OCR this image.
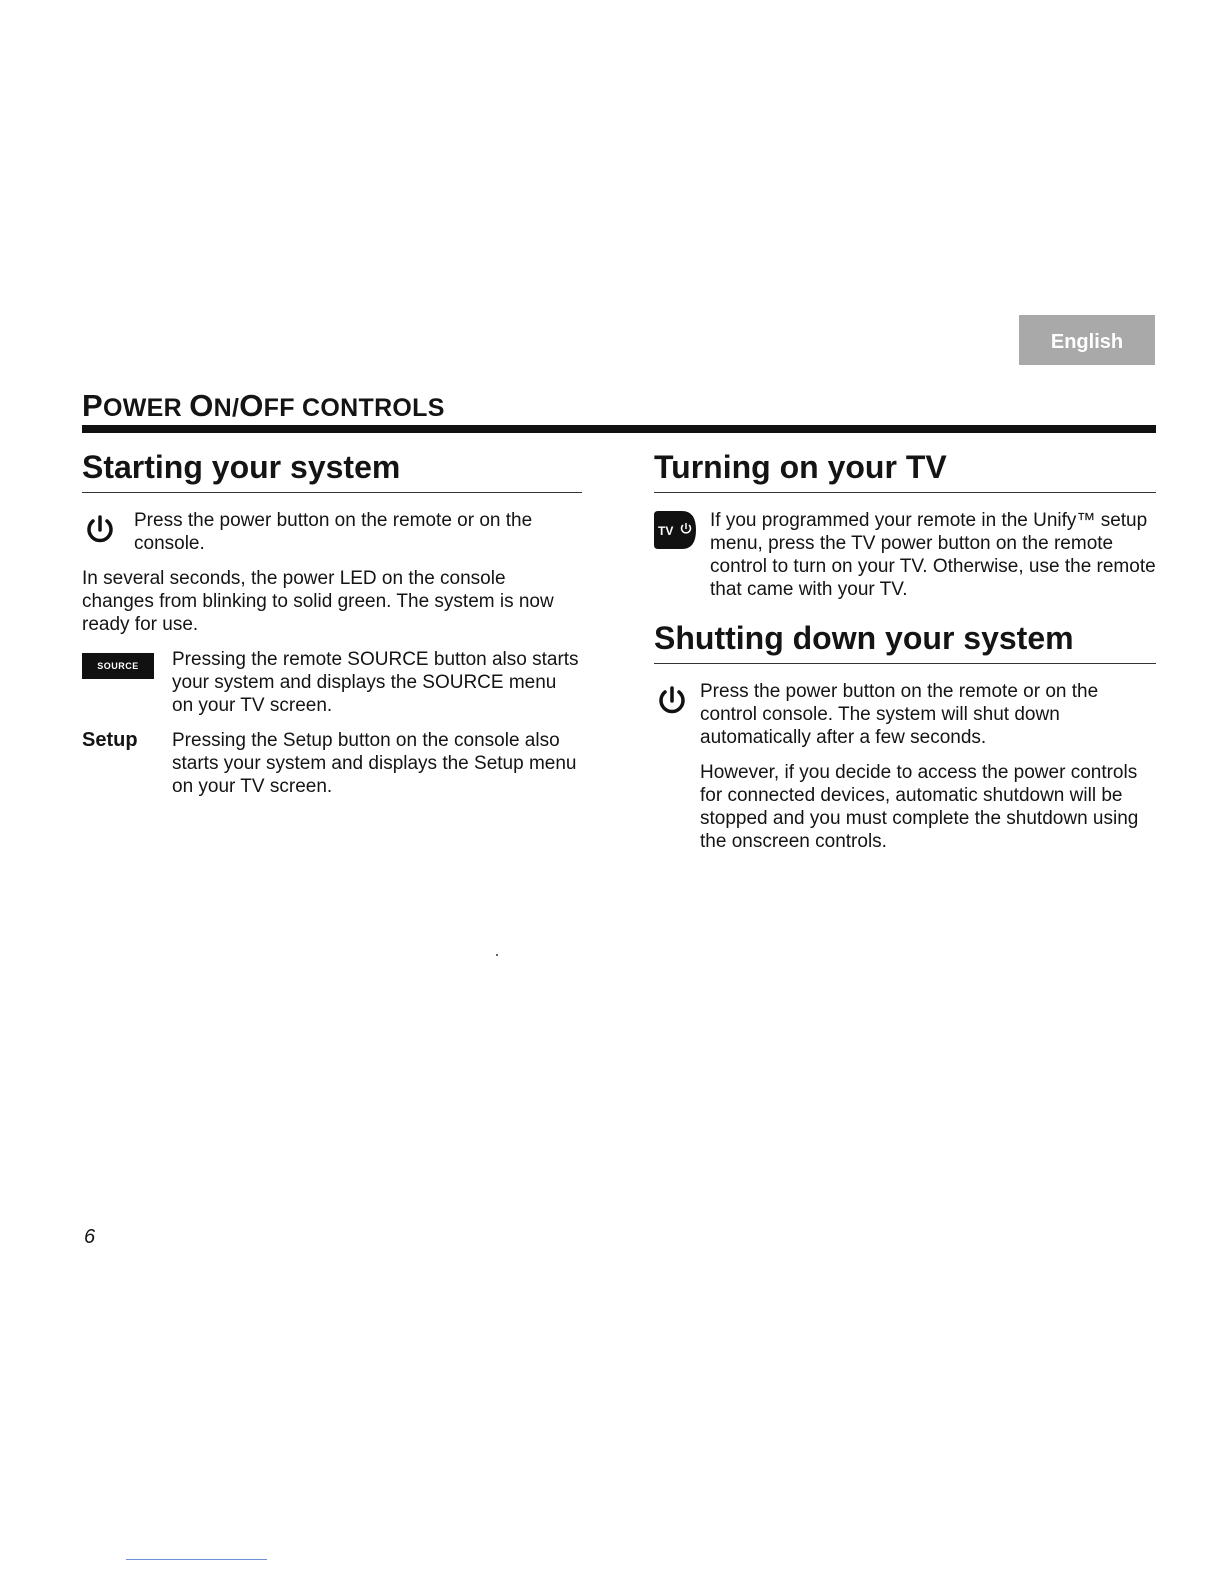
English
POWER ON/OFF CONTROLS
Starting your system

Press the power button on the remote or on the console.

In several seconds, the power LED on the console changes from blinking to solid green. The system is now ready for use.

SOURCE	Pressing the remote SOURCE button also starts your system and displays the SOURCE menu on your TV screen.

Setup	Pressing the Setup button on the console also starts your system and displays the Setup menu on your TV screen.

Turning on your TV
TV	If you programmed your remote in the Unify™ setup menu, press the TV power button on the remote control to turn on your TV. Otherwise, use the remote that came with your TV.

Shutting down your system

Press the power button on the remote or on the control console. The system will shut down automatically after a few seconds.

However, if you decide to access the power controls for connected devices, automatic shutdown will be stopped and you must complete the shutdown using the onscreen controls.

6
